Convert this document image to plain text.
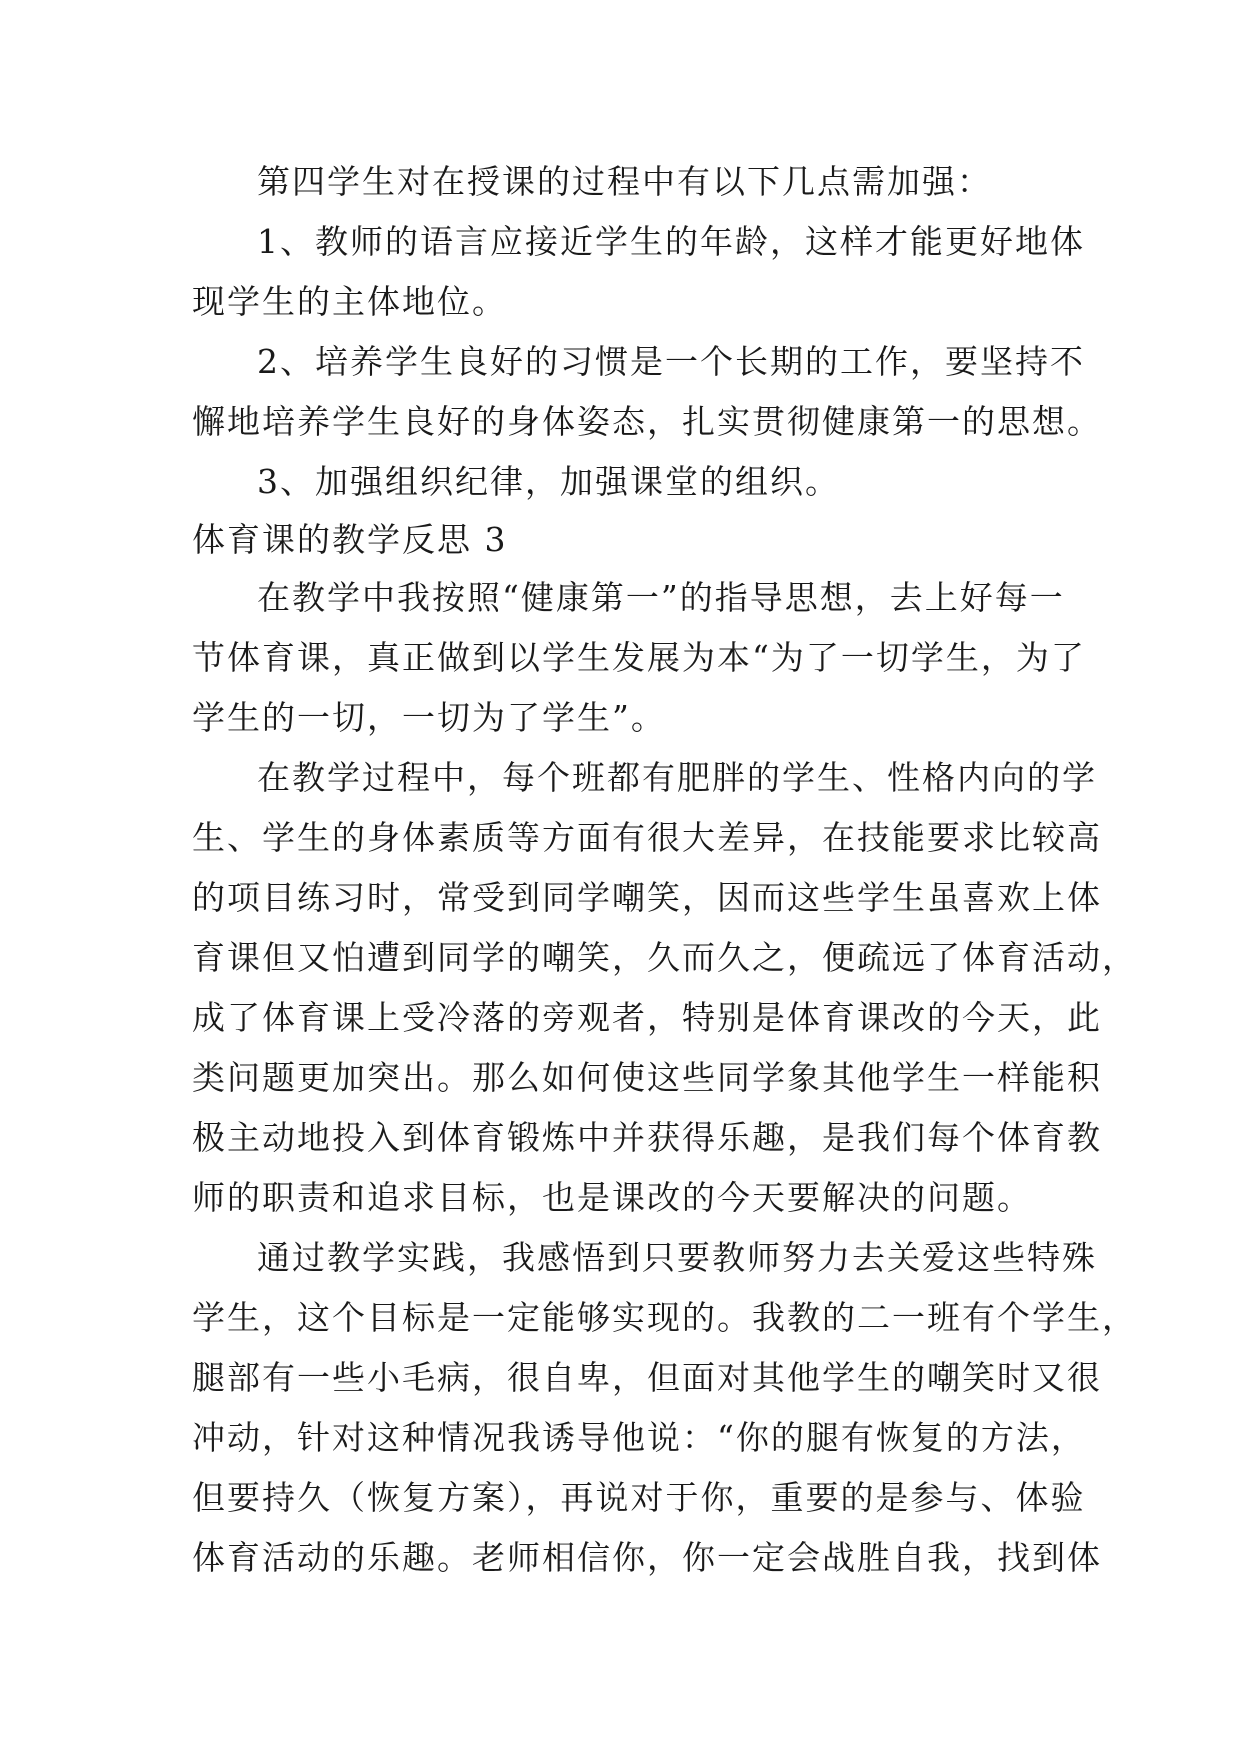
第四学生对在授课的过程中有以下几点需加强：
1、教师的语言应接近学生的年龄，这样才能更好地体
现学生的主体地位。
2、培养学生良好的习惯是一个长期的工作，要坚持不
懈地培养学生良好的身体姿态，扎实贯彻健康第一的思想。
3、加强组织纪律，加强课堂的组织。
体育课的教学反思 3
在教学中我按照“健康第一”的指导思想，去上好每一
节体育课，真正做到以学生发展为本“为了一切学生，为了
学生的一切，一切为了学生”。
在教学过程中，每个班都有肥胖的学生、性格内向的学
生、学生的身体素质等方面有很大差异，在技能要求比较高
的项目练习时，常受到同学嘲笑，因而这些学生虽喜欢上体
育课但又怕遭到同学的嘲笑，久而久之，便疏远了体育活动，
成了体育课上受冷落的旁观者，特别是体育课改的今天，此
类问题更加突出。那么如何使这些同学象其他学生一样能积
极主动地投入到体育锻炼中并获得乐趣，是我们每个体育教
师的职责和追求目标，也是课改的今天要解决的问题。
通过教学实践，我感悟到只要教师努力去关爱这些特殊
学生，这个目标是一定能够实现的。我教的二一班有个学生，
腿部有一些小毛病，很自卑，但面对其他学生的嘲笑时又很
冲动，针对这种情况我诱导他说：“你的腿有恢复的方法，
但要持久（恢复方案），再说对于你，重要的是参与、体验
体育活动的乐趣。老师相信你，你一定会战胜自我，找到体
